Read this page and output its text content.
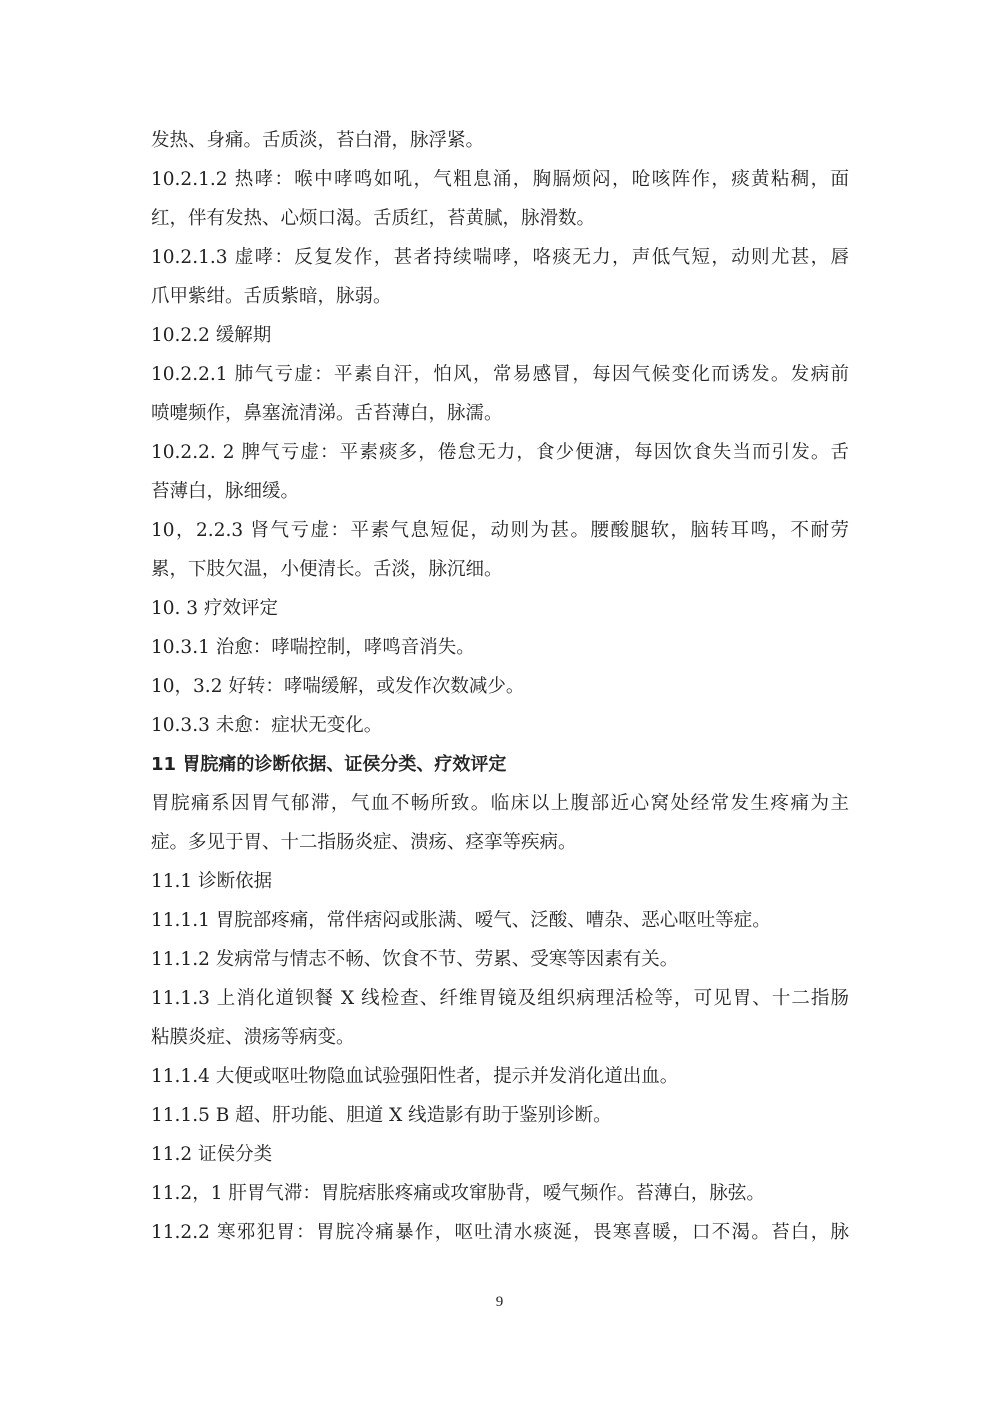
发热、身痛。舌质淡，苔白滑，脉浮紧。
10.2.1.2 热哮：喉中哮鸣如吼，气粗息涌，胸膈烦闷，呛咳阵作，痰黄粘稠，面
红，伴有发热、心烦口渴。舌质红，苔黄腻，脉滑数。
10.2.1.3 虚哮：反复发作，甚者持续喘哮，咯痰无力，声低气短，动则尤甚，唇
爪甲紫绀。舌质紫暗，脉弱。
10.2.2 缓解期
10.2.2.1 肺气亏虚：平素自汗，怕风，常易感冒，每因气候变化而诱发。发病前
喷嚏频作，鼻塞流清涕。舌苔薄白，脉濡。
10.2.2. 2 脾气亏虚：平素痰多，倦怠无力，食少便溏，每因饮食失当而引发。舌
苔薄白，脉细缓。
10，2.2.3 肾气亏虚：平素气息短促，动则为甚。腰酸腿软，脑转耳鸣，不耐劳
累，下肢欠温，小便清长。舌淡，脉沉细。
10. 3 疗效评定
10.3.1 治愈：哮喘控制，哮鸣音消失。
10，3.2 好转：哮喘缓解，或发作次数减少。
10.3.3 未愈：症状无变化。
11 胃脘痛的诊断依据、证侯分类、疗效评定
胃脘痛系因胃气郁滞，气血不畅所致。临床以上腹部近心窝处经常发生疼痛为主
症。多见于胃、十二指肠炎症、溃疡、痉挛等疾病。
11.1 诊断依据
11.1.1 胃脘部疼痛，常伴痞闷或胀满、嗳气、泛酸、嘈杂、恶心呕吐等症。
11.1.2 发病常与情志不畅、饮食不节、劳累、受寒等因素有关。
11.1.3 上消化道钡餐 X 线检查、纤维胃镜及组织病理活检等，可见胃、十二指肠
粘膜炎症、溃疡等病变。
11.1.4 大便或呕吐物隐血试验强阳性者，提示并发消化道出血。
11.1.5 B 超、肝功能、胆道 X 线造影有助于鉴别诊断。
11.2 证侯分类
11.2，1 肝胃气滞：胃脘痞胀疼痛或攻窜胁背，嗳气频作。苔薄白，脉弦。
11.2.2 寒邪犯胃：胃脘冷痛暴作，呕吐清水痰涎，畏寒喜暖，口不渴。苔白，脉
9
